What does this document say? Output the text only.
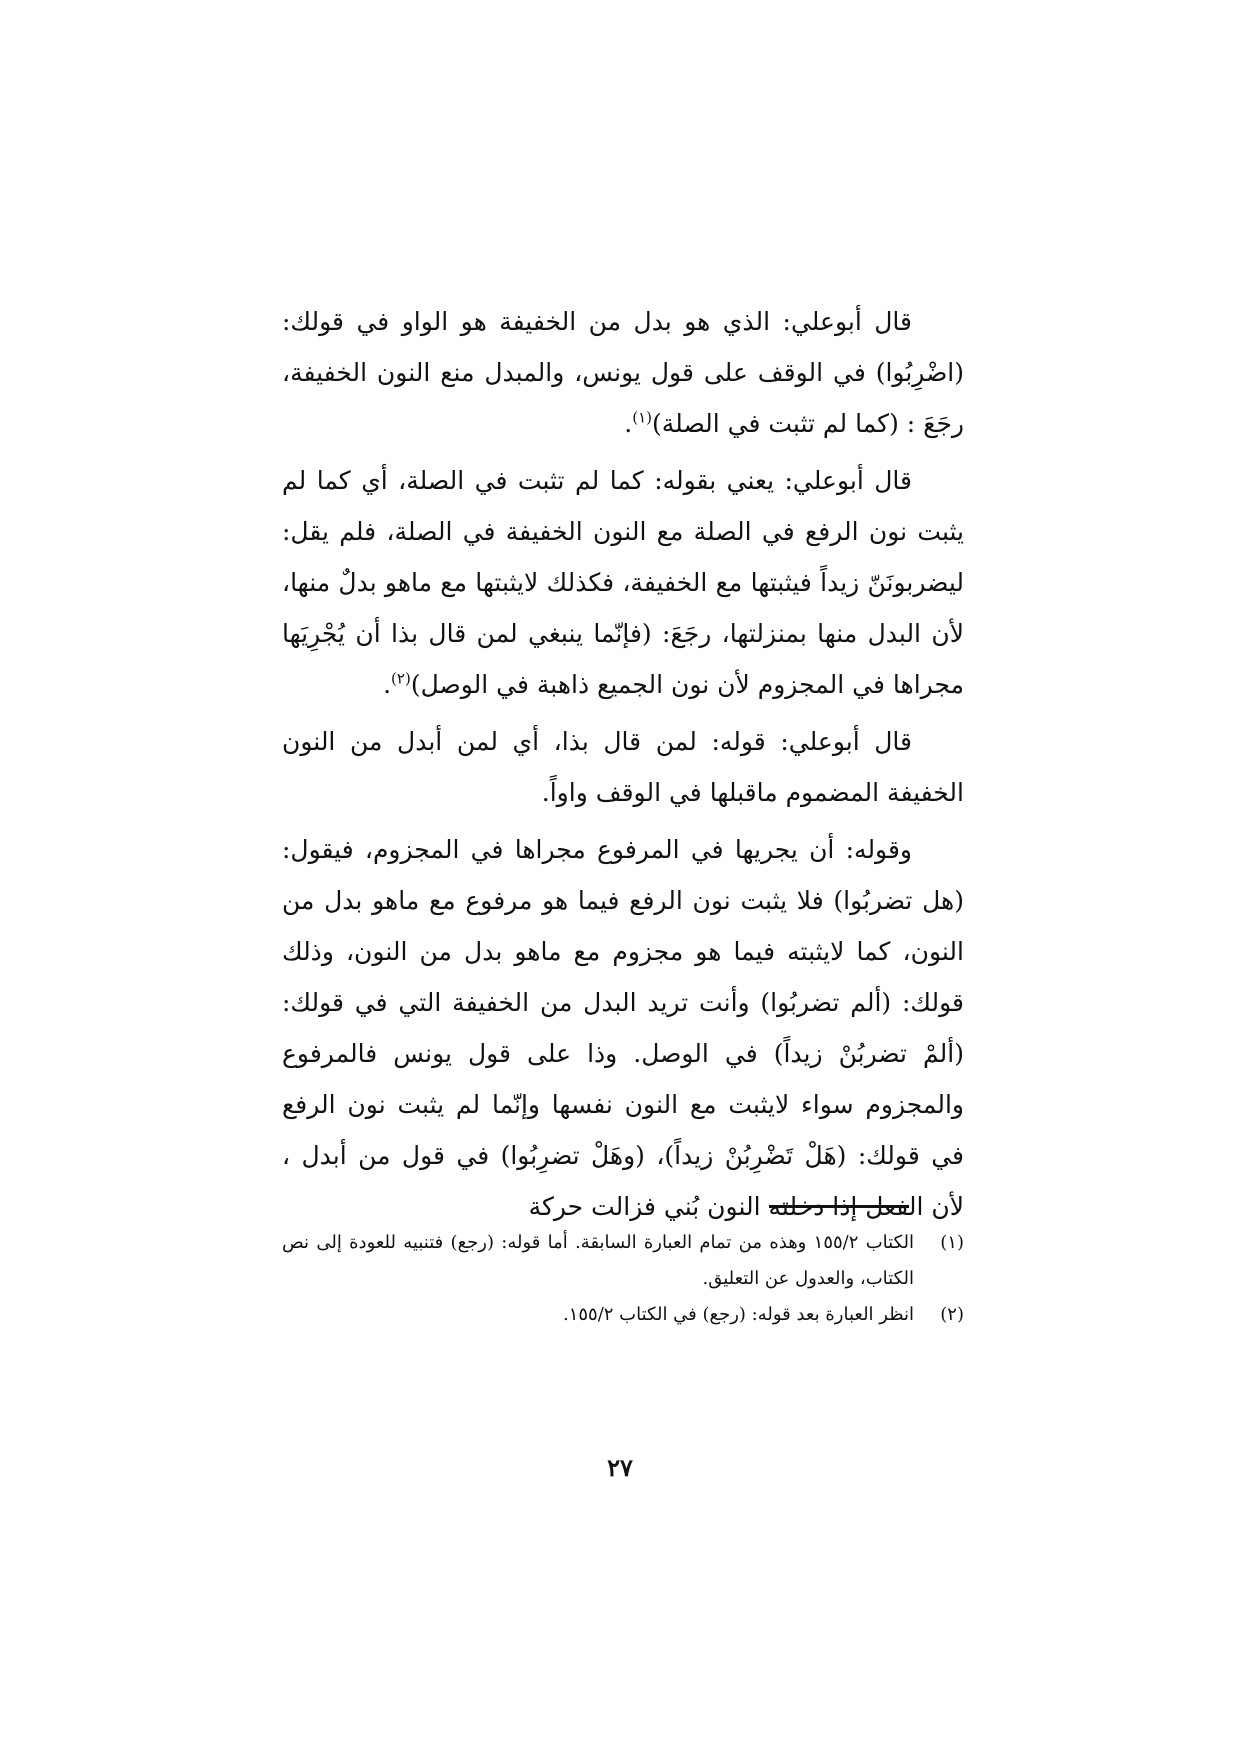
قال أبوعلي: الذي هو بدل من الخفيفة هو الواو في قولك: (اضْرِبُوا) في الوقف على قول يونس، والمبدل منع النون الخفيفة، رجَعَ : (كما لم تثبت في الصلة)$^{(١)}$.

قال أبوعلي: يعني بقوله: كما لم تثبت في الصلة، أي كما لم يثبت نون الرفع في الصلة مع النون الخفيفة في الصلة، فلم يقل: ليضربونَنّ زيداً فيثبتها مع الخفيفة، فكذلك لايثبتها مع ماهو بدلٌ منها، لأن البدل منها بمنزلتها، رجَعَ: (فإنّما ينبغي لمن قال بذا أن يُجْرِيَها مجراها في المجزوم لأن نون الجميع ذاهبة في الوصل)$^{(٢)}$.

قال أبوعلي: قوله: لمن قال بذا، أي لمن أبدل من النون الخفيفة المضموم ماقبلها في الوقف واواً.

وقوله: أن يجريها في المرفوع مجراها في المجزوم، فيقول: (هل تضربُوا) فلا يثبت نون الرفع فيما هو مرفوع مع ماهو بدل من النون، كما لايثبته فيما هو مجزوم مع ماهو بدل من النون، وذلك قولك: (ألم تضربُوا) وأنت تريد البدل من الخفيفة التي في قولك: (ألمْ تضربُنْ زيداً) في الوصل. وذا على قول يونس فالمرفوع والمجزوم سواء لايثبت مع النون نفسها وإنّما لم يثبت نون الرفع في قولك: (هَلْ تَضْرِبُنْ زيداً)، (وهَلْ تضرِبُوا) في قول من أبدل ، لأن الفعل إذا دخلته النون بُني فزالت حركة

(١)
الكتاب ١٥٥/٢ وهذه من تمام العبارة السابقة. أما قوله: (رجع) فتنبيه للعودة إلى نص الكتاب، والعدول عن التعليق.
(٢)
انظر العبارة بعد قوله: (رجع) في الكتاب ١٥٥/٢.
٢٧
